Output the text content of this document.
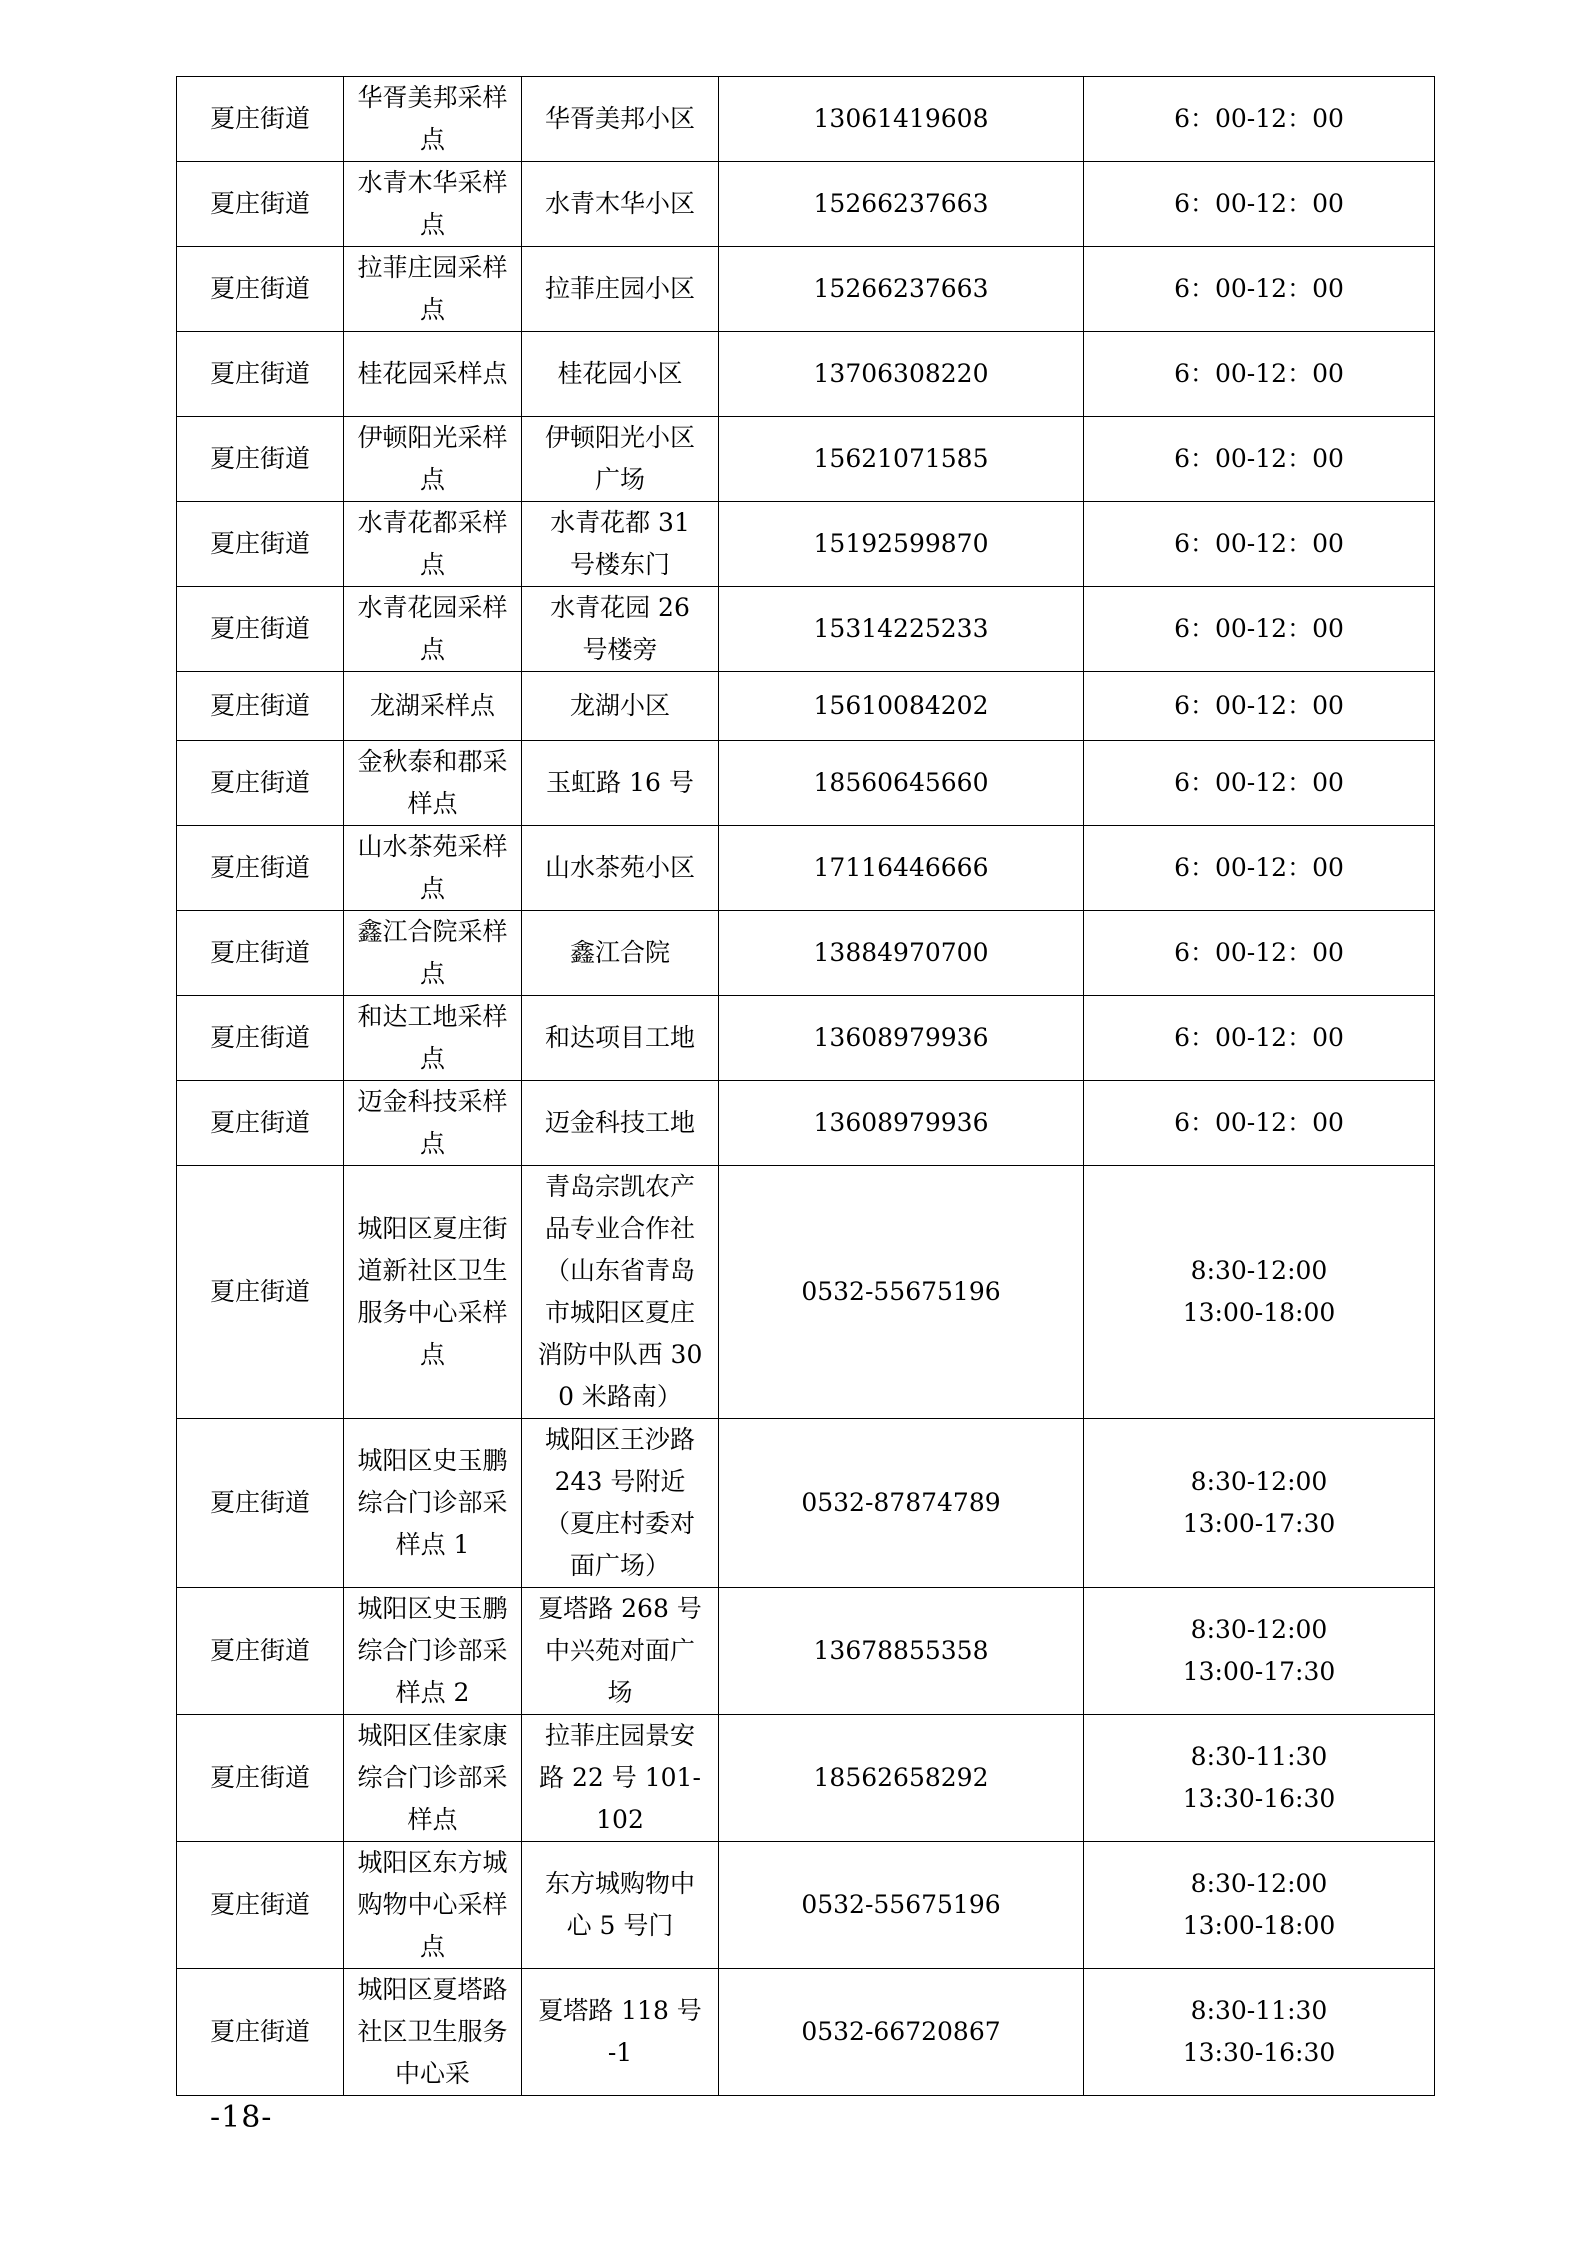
夏庄街道	华胥美邦采样点	华胥美邦小区	13061419608	6：00-12：00

夏庄街道	水青木华采样点	水青木华小区	15266237663	6：00-12：00

夏庄街道	拉菲庄园采样点	拉菲庄园小区	15266237663	6：00-12：00

夏庄街道	桂花园采样点	桂花园小区	13706308220	6：00-12：00

夏庄街道	伊顿阳光采样点	伊顿阳光小区广场	15621071585	6：00-12：00

夏庄街道	水青花都采样点	水青花都 31 号楼东门	15192599870	6：00-12：00

夏庄街道	水青花园采样点	水青花园 26 号楼旁	15314225233	6：00-12：00

夏庄街道	龙湖采样点	龙湖小区	15610084202	6：00-12：00

夏庄街道	金秋泰和郡采样点	玉虹路 16 号	18560645660	6：00-12：00

夏庄街道	山水茶苑采样点	山水茶苑小区	17116446666	6：00-12：00

夏庄街道	鑫江合院采样点	鑫江合院	13884970700	6：00-12：00

夏庄街道	和达工地采样点	和达项目工地	13608979936	6：00-12：00

夏庄街道	迈金科技采样点	迈金科技工地	13608979936	6：00-12：00

夏庄街道	城阳区夏庄街道新社区卫生服务中心采样点	青岛宗凯农产品专业合作社（山东省青岛市城阳区夏庄消防中队西 300 米路南）	0532-55675196	8:30-12:00
13:00-18:00

夏庄街道	城阳区史玉鹏综合门诊部采样点 1	城阳区王沙路 243 号附近（夏庄村委对面广场）	0532-87874789	8:30-12:00
13:00-17:30

夏庄街道	城阳区史玉鹏综合门诊部采样点 2	夏塔路 268 号中兴苑对面广场	13678855358	8:30-12:00
13:00-17:30

夏庄街道	城阳区佳家康综合门诊部采样点	拉菲庄园景安路 22 号 101-102	18562658292	8:30-11:30
13:30-16:30

夏庄街道	城阳区东方城购物中心采样点	东方城购物中心 5 号门	0532-55675196	8:30-12:00
13:00-18:00

夏庄街道	城阳区夏塔路社区卫生服务中心采	夏塔路 118 号 -1	0532-66720867	8:30-11:30
13:30-16:30
-18-
